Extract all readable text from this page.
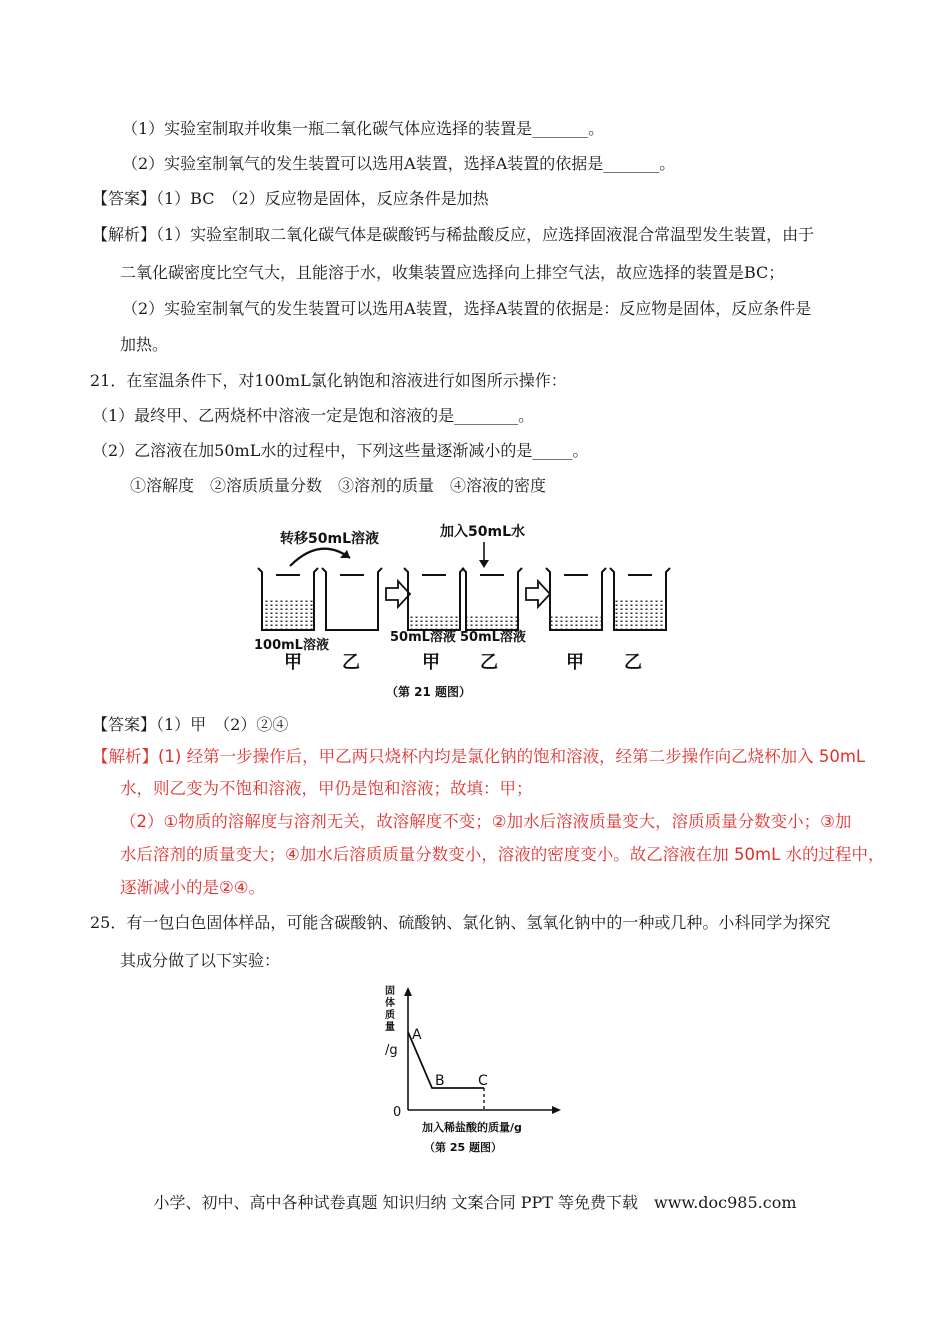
（1）实验室制取并收集一瓶二氧化碳气体应选择的装置是_______。
（2）实验室制氧气的发生装置可以选用A装置，选择A装置的依据是_______。
【答案】（1）BC　（2）反应物是固体，反应条件是加热
【解析】（1）实验室制取二氧化碳气体是碳酸钙与稀盐酸反应，应选择固液混合常温型发生装置，由于
二氧化碳密度比空气大，且能溶于水，收集装置应选择向上排空气法，故应选择的装置是BC；
（2）实验室制氧气的发生装置可以选用A装置，选择A装置的依据是：反应物是固体，反应条件是
加热。
21．在室温条件下，对100mL氯化钠饱和溶液进行如图所示操作：
（1）最终甲、乙两烧杯中溶液一定是饱和溶液的是________。
（2）乙溶液在加50mL水的过程中，下列这些量逐渐减小的是_____。
①溶解度　②溶质质量分数　③溶剂的质量　④溶液的密度
转移50mL溶液	加入50mL水
100mL溶液
50mL溶液 50mL溶液
甲 乙	甲 乙	甲 乙
（第 21 题图）
【答案】（1）甲　（2）②④
【解析】(1) 经第一步操作后，甲乙两只烧杯内均是氯化钠的饱和溶液，经第二步操作向乙烧杯加入 50mL
水，则乙变为不饱和溶液，甲仍是饱和溶液；故填：甲；
（2）①物质的溶解度与溶剂无关，故溶解度不变；②加水后溶液质量变大，溶质质量分数变小；③加
水后溶剂的质量变大；④加水后溶质质量分数变小，溶液的密度变小。故乙溶液在加 50mL 水的过程中，
逐渐减小的是②④。
25．有一包白色固体样品，可能含碳酸钠、硫酸钠、氯化钠、氢氧化钠中的一种或几种。小科同学为探究
其成分做了以下实验：
固
体
质
量
/g
0
A
B C
加入稀盐酸的质量/g
（第 25 题图）
小学、初中、高中各种试卷真题 知识归纳 文案合同 PPT 等免费下载　www.doc985.com
